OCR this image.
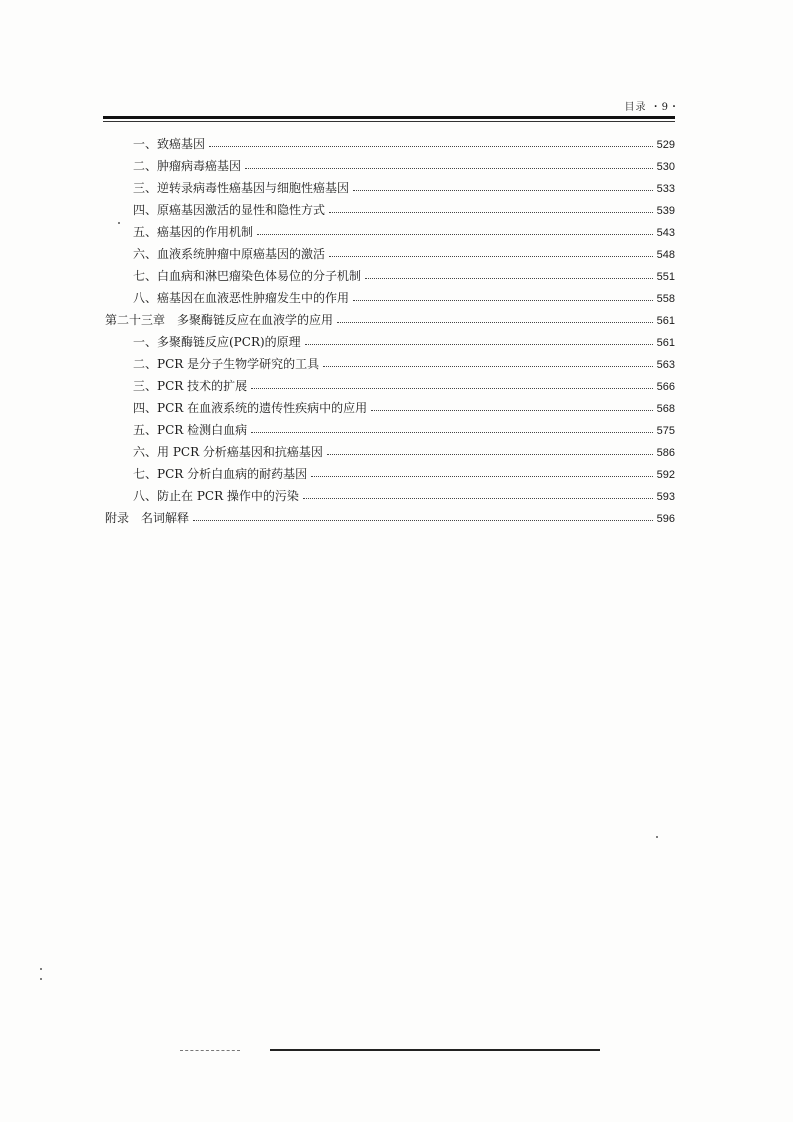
目录 ・9・
一、致癌基因	529
二、肿瘤病毒癌基因	530
三、逆转录病毒性癌基因与细胞性癌基因	533
四、原癌基因激活的显性和隐性方式	539
五、癌基因的作用机制	543
六、血液系统肿瘤中原癌基因的激活	548
七、白血病和淋巴瘤染色体易位的分子机制	551
八、癌基因在血液恶性肿瘤发生中的作用	558
第二十三章　多聚酶链反应在血液学的应用	561
一、多聚酶链反应(PCR)的原理	561
二、PCR 是分子生物学研究的工具	563
三、PCR 技术的扩展	566
四、PCR 在血液系统的遗传性疾病中的应用	568
五、PCR 检测白血病	575
六、用 PCR 分析癌基因和抗癌基因	586
七、PCR 分析白血病的耐药基因	592
八、防止在 PCR 操作中的污染	593
附录　名词解释	596
